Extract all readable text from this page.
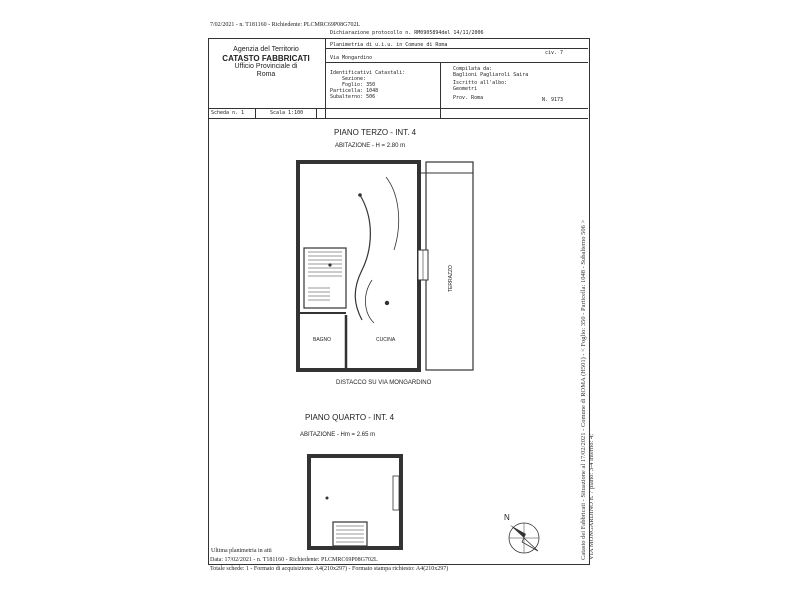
7/02/2021 - n. T181160 - Richiedente: PLCMRC69P08G702L
Agenzia del Territorio
CATASTO FABBRICATI
Ufficio Provinciale di
Roma
Dichiarazione protocollo n. RM0905894del 14/11/2006
Planimetria di u.i.u. in Comune di Roma
civ. 7
Via Mongardino
Identificativi Catastali:
Sezione:
Foglio: 350
Particella: 1048
Subalterno: 506
Compilata da:
Baglioni Pagliaroli Saira
Iscritto all'albo:
Geometri
Prov. Roma	N. 9173
Scheda n. 1	Scala 1:100
PIANO TERZO - INT. 4
ABITAZIONE - H = 2.80 m
BAGNO	CUCINA
TERRAZZO
DISTACCO SU VIA MONGARDINO
PIANO QUARTO - INT. 4
ABITAZIONE - Hm = 2.65 m
N
Ultima planimetria in atti
Data: 17/02/2021 - n. T181160 - Richiedente: PLCMRC69P08G702L
Totale schede: 1 - Formato di acquisizione: A4(210x297) - Formato stampa richiesto: A4(210x297)
Catasto dei Fabbricati - Situazione al 17/02/2021 - Comune di ROMA (H501) - < Foglio: 350 - Particella: 1048 - Subalterno 506 > VIA MONGARDINO n. 7 piano: 3-4 interno: 4;
